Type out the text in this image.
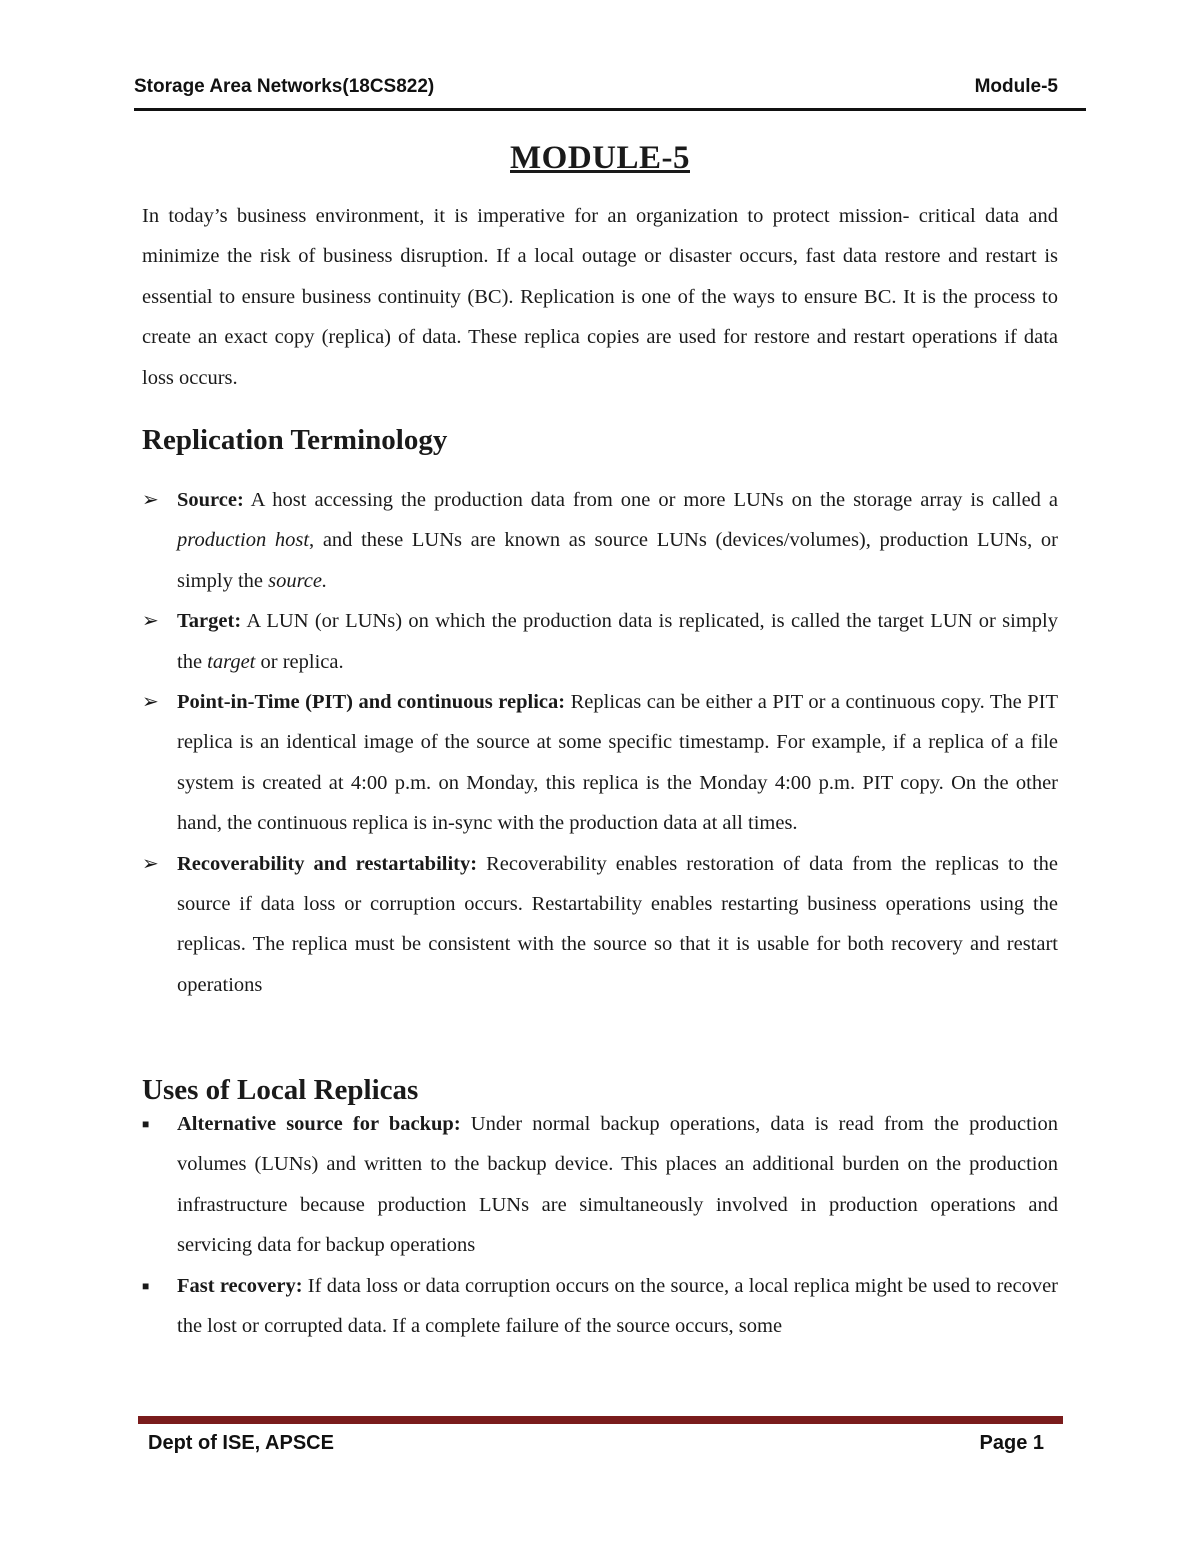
Storage Area Networks(18CS822)	Module-5
MODULE-5

In today’s business environment, it is imperative for an organization to protect mission- critical data and minimize the risk of business disruption. If a local outage or disaster occurs, fast data restore and restart is essential to ensure business continuity (BC). Replication is one of the ways to ensure BC. It is the process to create an exact copy (replica) of data. These replica copies are used for restore and restart operations if data loss occurs.

Replication Terminology
➢ Source: A host accessing the production data from one or more LUNs on the storage array is called a production host, and these LUNs are known as source LUNs (devices/volumes), production LUNs, or simply the source.
➢ Target: A LUN (or LUNs) on which the production data is replicated, is called the target LUN or simply the target or replica.
➢ Point-in-Time (PIT) and continuous replica: Replicas can be either a PIT or a continuous copy. The PIT replica is an identical image of the source at some specific timestamp. For example, if a replica of a file system is created at 4:00 p.m. on Monday, this replica is the Monday 4:00 p.m. PIT copy. On the other hand, the continuous replica is in-sync with the production data at all times.
➢ Recoverability and restartability: Recoverability enables restoration of data from the replicas to the source if data loss or corruption occurs. Restartability enables restarting business operations using the replicas. The replica must be consistent with the source so that it is usable for both recovery and restart operations
Uses of Local Replicas
■	Alternative source for backup: Under normal backup operations, data is read from the production volumes (LUNs) and written to the backup device. This places an additional burden on the production infrastructure because production LUNs are simultaneously involved in production operations and servicing data for backup operations
■	Fast recovery: If data loss or data corruption occurs on the source, a local replica might be used to recover the lost or corrupted data. If a complete failure of the source occurs, some
Dept of ISE, APSCE	Page 1
